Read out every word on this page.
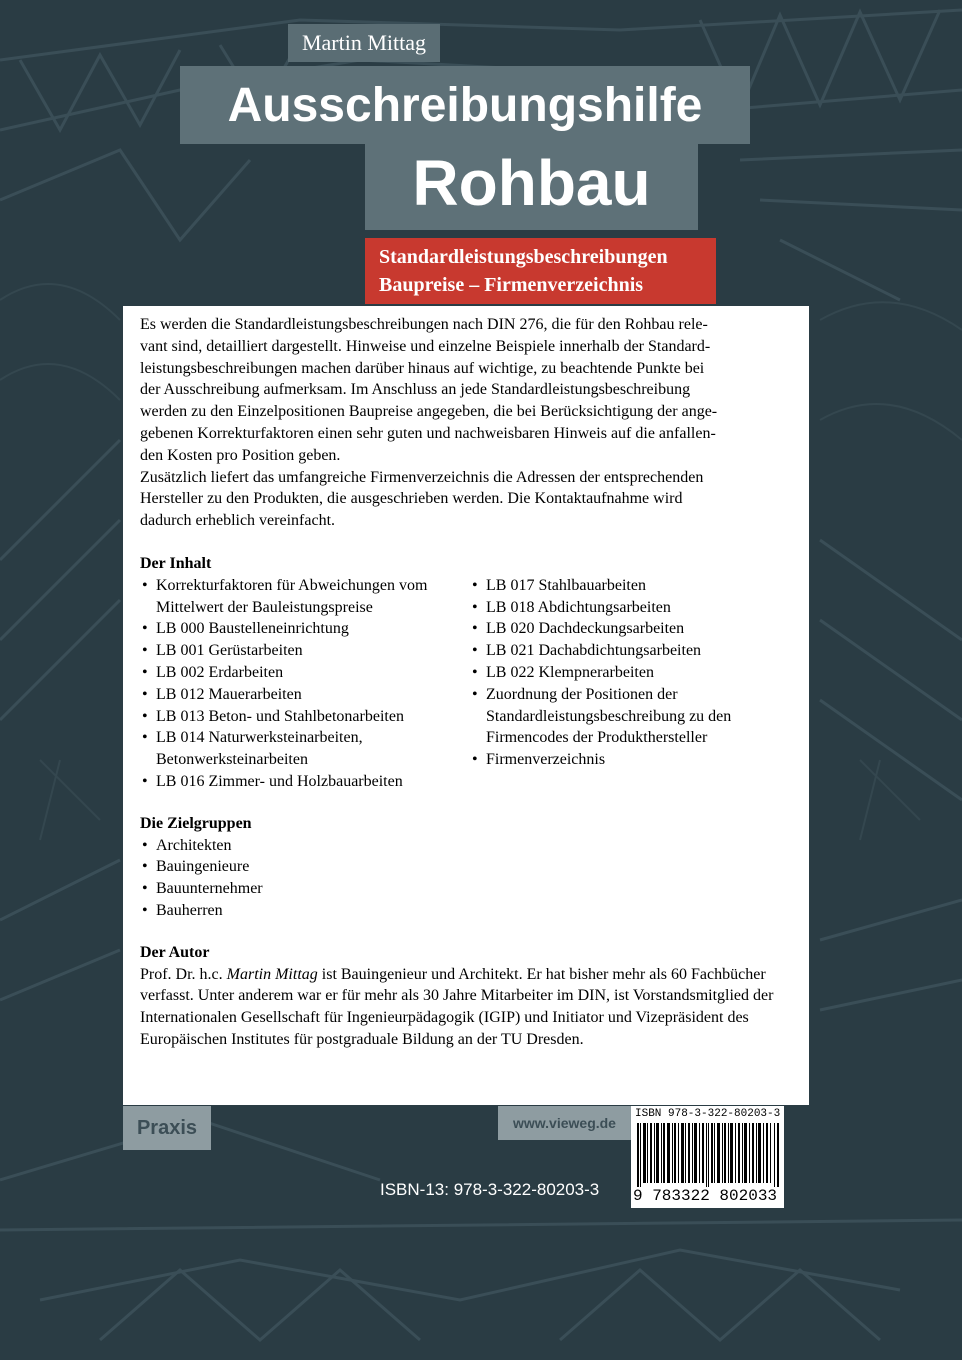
Martin Mittag
Ausschreibungshilfe
Rohbau
Standardleistungsbeschreibungen
Baupreise – Firmenverzeichnis
Es werden die Standardleistungsbeschreibungen nach DIN 276, die für den Rohbau rele-
vant sind, detailliert dargestellt. Hinweise und einzelne Beispiele innerhalb der Standard-
leistungsbeschreibungen machen darüber hinaus auf wichtige, zu beachtende Punkte bei
der Ausschreibung aufmerksam. Im Anschluss an jede Standardleistungsbeschreibung
werden zu den Einzelpositionen Baupreise angegeben, die bei Berücksichtigung der ange-
gebenen Korrekturfaktoren einen sehr guten und nachweisbaren Hinweis auf die anfallen-
den Kosten pro Position geben.
Zusätzlich liefert das umfangreiche Firmenverzeichnis die Adressen der entsprechenden
Hersteller zu den Produkten, die ausgeschrieben werden. Die Kontaktaufnahme wird
dadurch erheblich vereinfacht.

Der Inhalt

• Korrekturfaktoren für Abweichungen vom Mittelwert der Bauleistungspreise
• LB 000 Baustelleneinrichtung
• LB 001 Gerüstarbeiten
• LB 002 Erdarbeiten
• LB 012 Mauerarbeiten
• LB 013 Beton- und Stahlbetonarbeiten
• LB 014 Naturwerksteinarbeiten, Betonwerksteinarbeiten
• LB 016 Zimmer- und Holzbauarbeiten
• LB 017 Stahlbauarbeiten
• LB 018 Abdichtungsarbeiten
• LB 020 Dachdeckungsarbeiten
• LB 021 Dachabdichtungsarbeiten
• LB 022 Klempnerarbeiten
• Zuordnung der Positionen der Standardleistungsbeschreibung zu den Firmencodes der Produkthersteller
• Firmenverzeichnis

Die Zielgruppen

• Architekten
• Bauingenieure
• Bauunternehmer
• Bauherren

Der Autor

Prof. Dr. h.c. Martin Mittag ist Bauingenieur und Architekt. Er hat bisher mehr als 60 Fachbücher verfasst. Unter anderem war er für mehr als 30 Jahre Mitarbeiter im DIN, ist Vorstandsmitglied der Internationalen Gesellschaft für Ingenieurpädagogik (IGIP) und Initiator und Vizepräsident des Europäischen Institutes für postgraduale Bildung an der TU Dresden.

Praxis	www.vieweg.de
ISBN 978-3-322-80203-3
9 783322 802033
ISBN-13: 978-3-322-80203-3
